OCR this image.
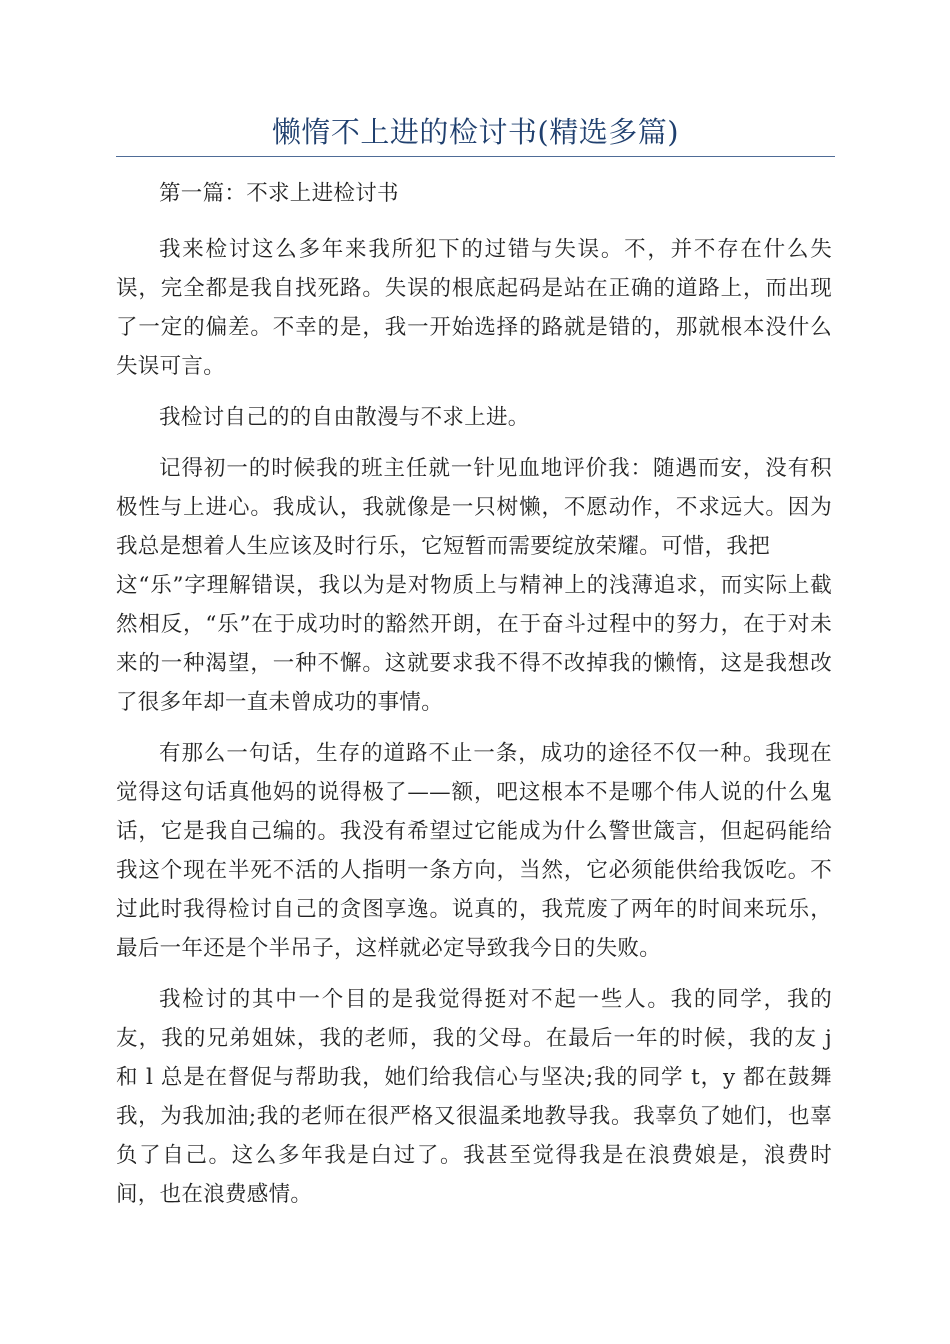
懒惰不上进的检讨书(精选多篇)
第一篇：不求上进检讨书

我来检讨这么多年来我所犯下的过错与失误。不，并不存在什么失误，完全都是我自找死路。失误的根底起码是站在正确的道路上，而出现了一定的偏差。不幸的是，我一开始选择的路就是错的，那就根本没什么失误可言。

我检讨自己的的自由散漫与不求上进。

记得初一的时候我的班主任就一针见血地评价我：随遇而安，没有积极性与上进心。我成认，我就像是一只树懒，不愿动作，不求远大。因为我总是想着人生应该及时行乐，它短暂而需要绽放荣耀。可惜，我把
这“乐”字理解错误，我以为是对物质上与精神上的浅薄追求，而实际上截然相反，“乐”在于成功时的豁然开朗，在于奋斗过程中的努力，在于对未来的一种渴望，一种不懈。这就要求我不得不改掉我的懒惰，这是我想改了很多年却一直未曾成功的事情。

有那么一句话，生存的道路不止一条，成功的途径不仅一种。我现在觉得这句话真他妈的说得极了——额，吧这根本不是哪个伟人说的什么鬼话，它是我自己编的。我没有希望过它能成为什么警世箴言，但起码能给我这个现在半死不活的人指明一条方向，当然，它必须能供给我饭吃。不过此时我得检讨自己的贪图享逸。说真的，我荒废了两年的时间来玩乐，最后一年还是个半吊子，这样就必定导致我今日的失败。

我检讨的其中一个目的是我觉得挺对不起一些人。我的同学，我的友，我的兄弟姐妹，我的老师，我的父母。在最后一年的时候，我的友 j 和 l 总是在督促与帮助我，她们给我信心与坚决;我的同学 t，y 都在鼓舞我，为我加油;我的老师在很严格又很温柔地教导我。我辜负了她们，也辜负了自己。这么多年我是白过了。我甚至觉得我是在浪费娘是，浪费时间，也在浪费感情。
